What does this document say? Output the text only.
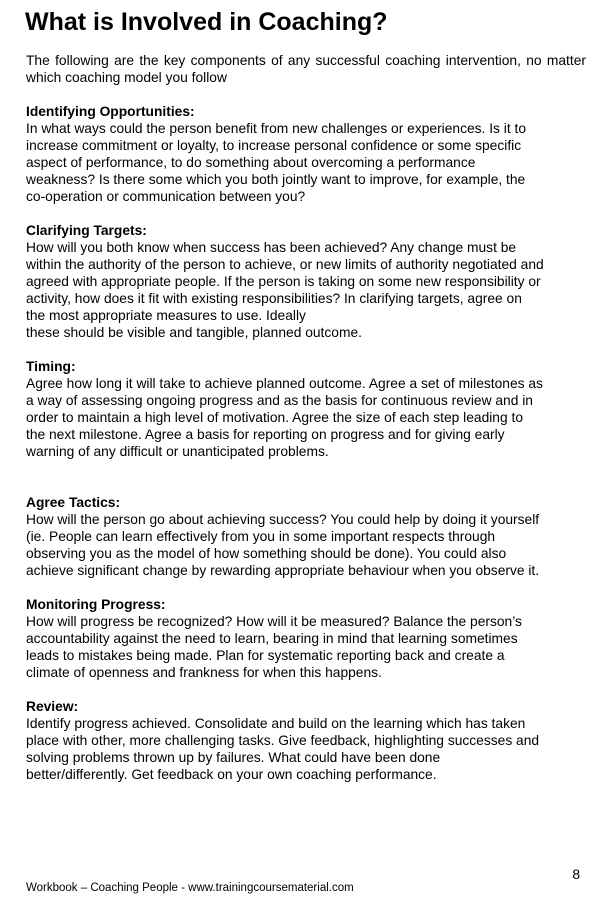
What is Involved in Coaching?

The following are the key components of any successful coaching intervention, no matter which coaching model you follow

Identifying Opportunities:

In what ways could the person benefit from new challenges or experiences. Is it to
increase commitment or loyalty, to increase personal confidence or some specific
aspect of performance, to do something about overcoming a performance
weakness? Is there some which you both jointly want to improve, for example, the
co-operation or communication between you?

Clarifying Targets:

How will you both know when success has been achieved? Any change must be
within the authority of the person to achieve, or new limits of authority negotiated and
agreed with appropriate people. If the person is taking on some new responsibility or
activity, how does it fit with existing responsibilities? In clarifying targets, agree on
the most appropriate measures to use. Ideally
these should be visible and tangible, planned outcome.

Timing:

Agree how long it will take to achieve planned outcome. Agree a set of milestones as
a way of assessing ongoing progress and as the basis for continuous review and in
order to maintain a high level of motivation. Agree the size of each step leading to
the next milestone. Agree a basis for reporting on progress and for giving early
warning of any difficult or unanticipated problems.

Agree Tactics:

How will the person go about achieving success? You could help by doing it yourself
(ie. People can learn effectively from you in some important respects through
observing you as the model of how something should be done). You could also
achieve significant change by rewarding appropriate behaviour when you observe it.

Monitoring Progress:

How will progress be recognized? How will it be measured? Balance the person’s
accountability against the need to learn, bearing in mind that learning sometimes
leads to mistakes being made. Plan for systematic reporting back and create a
climate of openness and frankness for when this happens.

Review:

Identify progress achieved. Consolidate and build on the learning which has taken
place with other, more challenging tasks. Give feedback, highlighting successes and
solving problems thrown up by failures. What could have been done
better/differently. Get feedback on your own coaching performance.
8
Workbook – Coaching People - www.trainingcoursematerial.com
